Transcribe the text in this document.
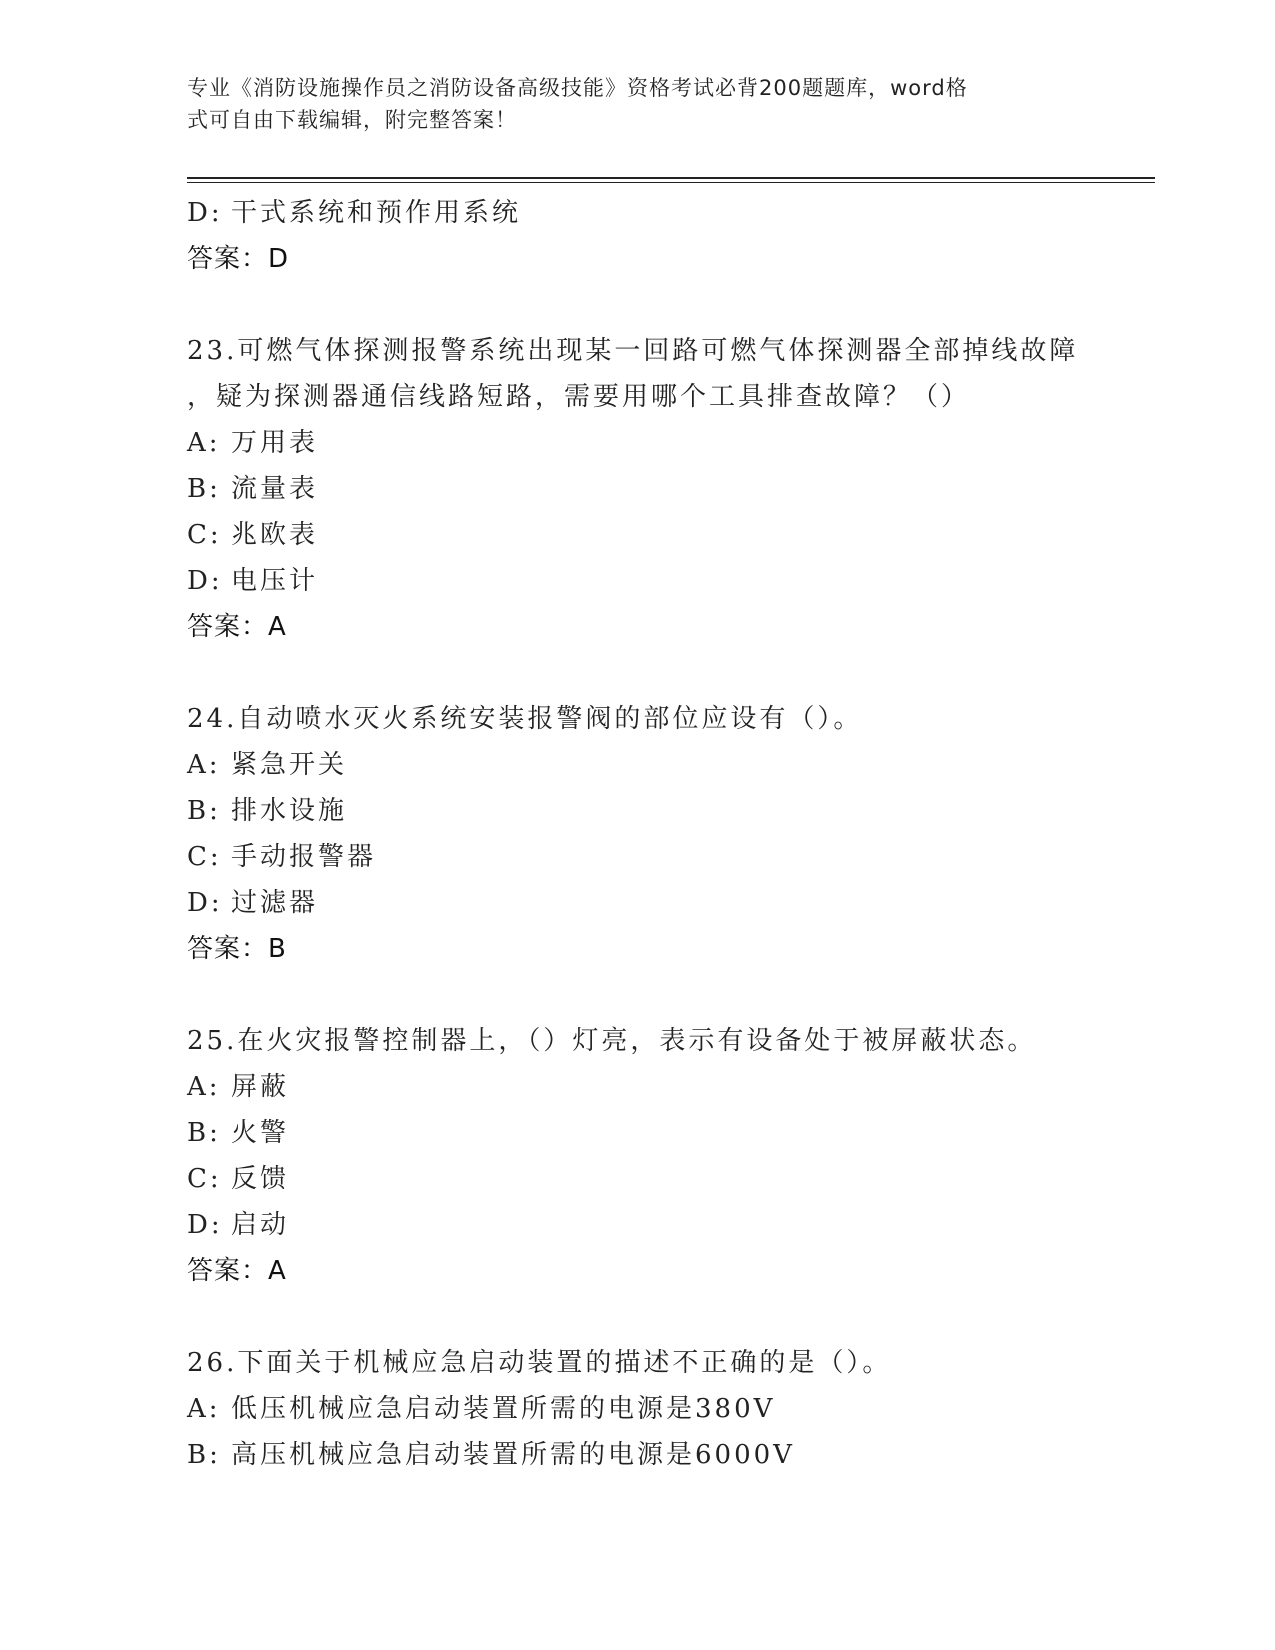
专业《消防设施操作员之消防设备高级技能》资格考试必背200题题库，word格
式可自由下载编辑，附完整答案！
D: 干式系统和预作用系统
答案：D
23.可燃气体探测报警系统出现某一回路可燃气体探测器全部掉线故障
，疑为探测器通信线路短路，需要用哪个工具排查故障？（）
A: 万用表
B: 流量表
C: 兆欧表
D: 电压计
答案：A
24.自动喷水灭火系统安装报警阀的部位应设有（）。
A: 紧急开关
B: 排水设施
C: 手动报警器
D: 过滤器
答案：B
25.在火灾报警控制器上，（）灯亮，表示有设备处于被屏蔽状态。
A: 屏蔽
B: 火警
C: 反馈
D: 启动
答案：A
26.下面关于机械应急启动装置的描述不正确的是（）。
A: 低压机械应急启动装置所需的电源是380V
B: 高压机械应急启动装置所需的电源是6000V
